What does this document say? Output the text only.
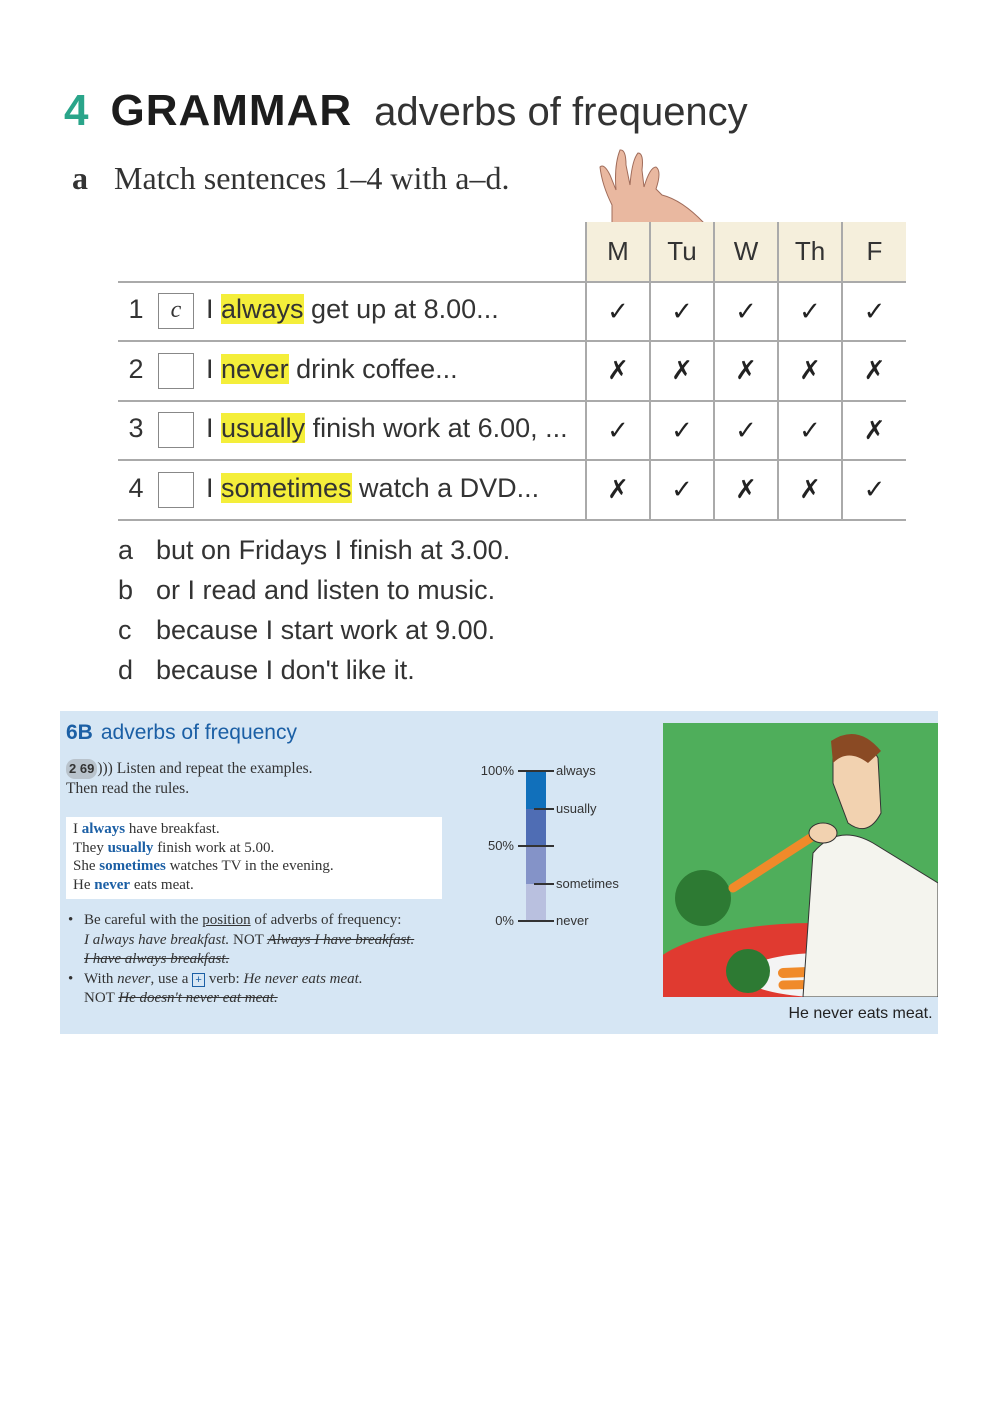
4 GRAMMAR adverbs of frequency
a Match sentences 1–4 with a–d.
	M	Tu	W	Th	F
1 c I always get up at 8.00...	✓	✓	✓	✓	✓
2 I never drink coffee...	✗	✗	✗	✗	✗
3 I usually finish work at 6.00, ...	✓	✓	✓	✓	✗
4 I sometimes watch a DVD...	✗	✓	✗	✗	✓
a but on Fridays I finish at 3.00.
b or I read and listen to music.
c because I start work at 9.00.
d because I don't like it.
6B adverbs of frequency
2 69 ))) Listen and repeat the examples.
Then read the rules.
I always have breakfast.
They usually finish work at 5.00.
She sometimes watches TV in the evening.
He never eats meat.
• Be careful with the position of adverbs of frequency:
I always have breakfast. NOT Always I have breakfast.
I have always breakfast.
• With never, use a + verb: He never eats meat.
NOT He doesn't never eat meat.
100%
50%
0%
always
usually
sometimes
never
He never eats meat.
